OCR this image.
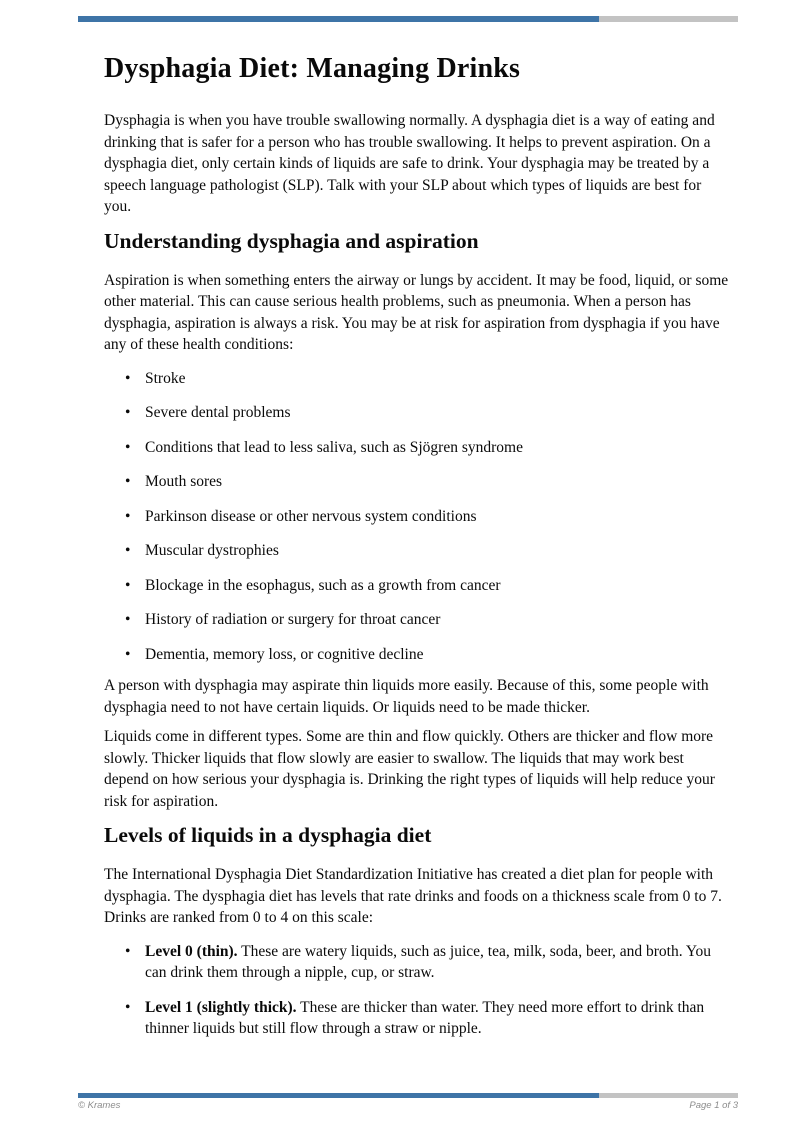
Dysphagia Diet: Managing Drinks

Dysphagia is when you have trouble swallowing normally. A dysphagia diet is a way of eating and drinking that is safer for a person who has trouble swallowing. It helps to prevent aspiration. On a dysphagia diet, only certain kinds of liquids are safe to drink. Your dysphagia may be treated by a speech language pathologist (SLP). Talk with your SLP about which types of liquids are best for you.

Understanding dysphagia and aspiration

Aspiration is when something enters the airway or lungs by accident. It may be food, liquid, or some other material. This can cause serious health problems, such as pneumonia. When a person has dysphagia, aspiration is always a risk. You may be at risk for aspiration from dysphagia if you have any of these health conditions:

• Stroke
• Severe dental problems
• Conditions that lead to less saliva, such as Sjögren syndrome
• Mouth sores
• Parkinson disease or other nervous system conditions
• Muscular dystrophies
• Blockage in the esophagus, such as a growth from cancer
• History of radiation or surgery for throat cancer
• Dementia, memory loss, or cognitive decline

A person with dysphagia may aspirate thin liquids more easily. Because of this, some people with dysphagia need to not have certain liquids. Or liquids need to be made thicker.

Liquids come in different types. Some are thin and flow quickly. Others are thicker and flow more slowly. Thicker liquids that flow slowly are easier to swallow. The liquids that may work best depend on how serious your dysphagia is. Drinking the right types of liquids will help reduce your risk for aspiration.

Levels of liquids in a dysphagia diet

The International Dysphagia Diet Standardization Initiative has created a diet plan for people with dysphagia. The dysphagia diet has levels that rate drinks and foods on a thickness scale from 0 to 7. Drinks are ranked from 0 to 4 on this scale:

• Level 0 (thin). These are watery liquids, such as juice, tea, milk, soda, beer, and broth. You can drink them through a nipple, cup, or straw.
• Level 1 (slightly thick). These are thicker than water. They need more effort to drink than thinner liquids but still flow through a straw or nipple.
© Krames	Page 1 of 3
